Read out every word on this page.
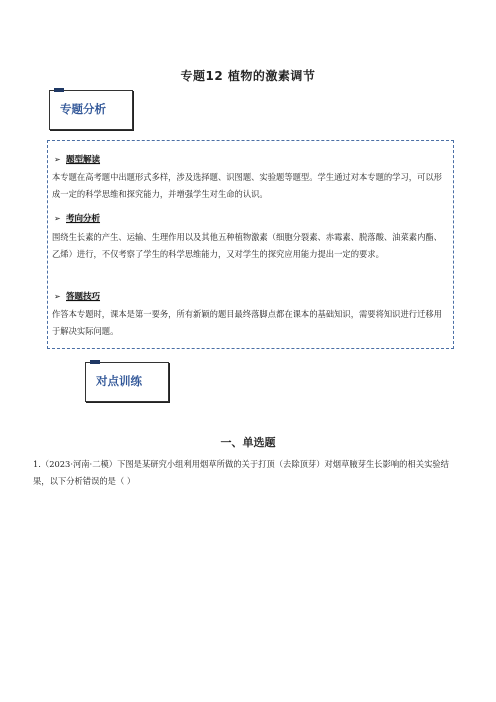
专题12 植物的激素调节
专题分析
➢ 题型解读
本专题在高考题中出题形式多样，涉及选择题、识图题、实验题等题型。学生通过对本专题的学习，可以形成一定的科学思维和探究能力，并增强学生对生命的认识。
➢ 考向分析
围绕生长素的产生、运输、生理作用以及其他五种植物激素（细胞分裂素、赤霉素、脱落酸、油菜素内酯、乙烯）进行，不仅考察了学生的科学思维能力，又对学生的探究应用能力提出一定的要求。
➢ 答题技巧
作答本专题时，课本是第一要务，所有新颖的题目最终落脚点都在课本的基础知识，需要将知识进行迁移用于解决实际问题。
对点训练
一、单选题
1.（2023·河南·二模）下图是某研究小组利用烟草所做的关于打顶（去除顶芽）对烟草腋芽生长影响的相关实验结果，以下分析错误的是（ ）
